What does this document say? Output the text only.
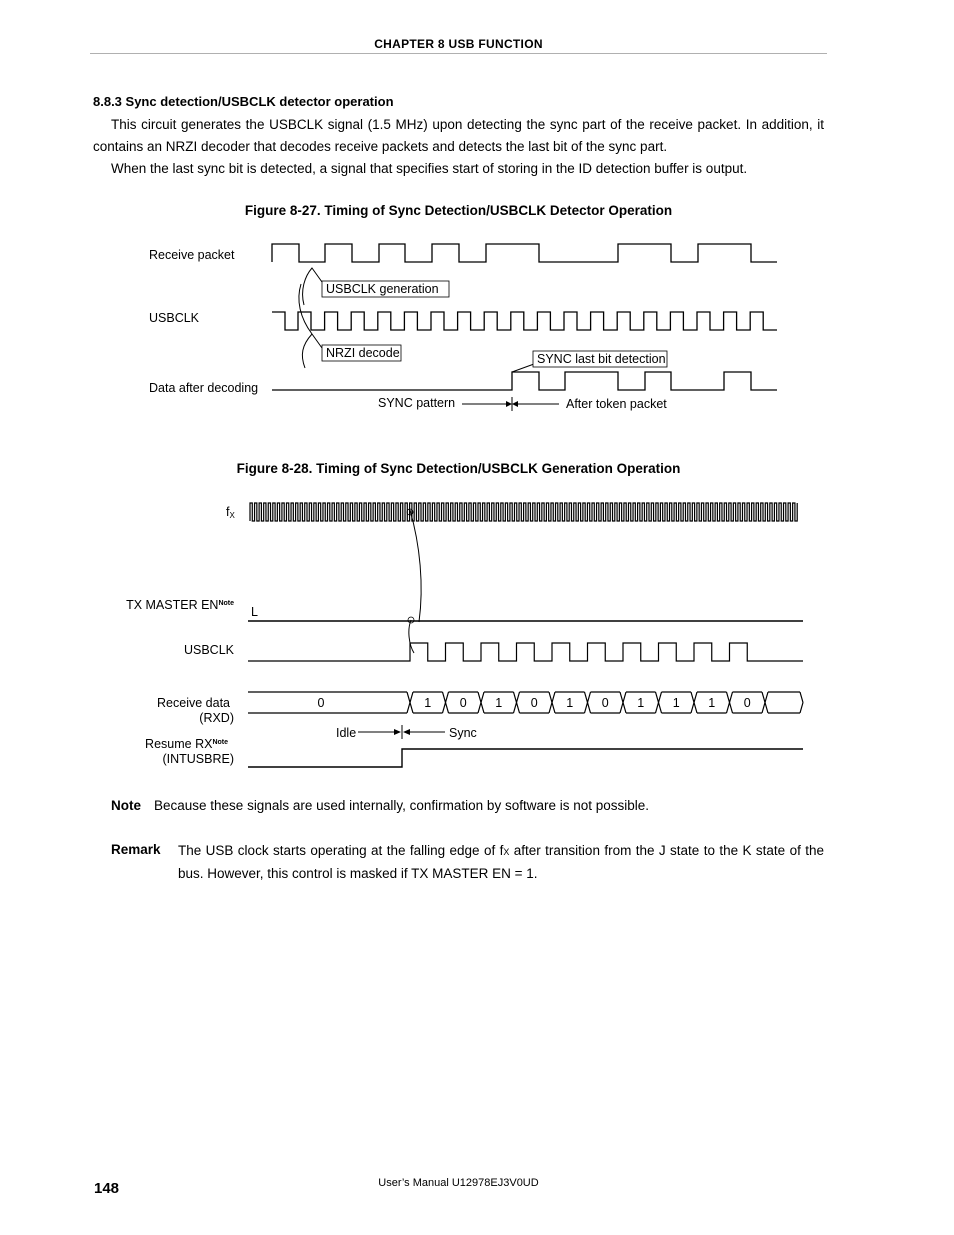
CHAPTER 8 USB FUNCTION
8.8.3 Sync detection/USBCLK detector operation
This circuit generates the USBCLK signal (1.5 MHz) upon detecting the sync part of the receive packet. In addition, it contains an NRZI decoder that decodes receive packets and detects the last bit of the sync part.
When the last sync bit is detected, a signal that specifies start of storing in the ID detection buffer is output.
Figure 8-27. Timing of Sync Detection/USBCLK Detector Operation
Receive packet
USBCLK
Data after decoding
USBCLK generation
NRZI decode	SYNC last bit detection
SYNC pattern	After token packet
Figure 8-28. Timing of Sync Detection/USBCLK Generation Operation
fX
TX MASTER $EN^{Note}$
L
USBCLK
Receive data
(RXD)
Resume $RX^{Note}$
(INTUSBRE)
Idle	Sync
0	1 0 1 0 1 0 1 1 1 0
Note Because these signals are used internally, confirmation by software is not possible.
Remark The USB clock starts operating at the falling edge of fX after transition from the J state to the K state of the bus. However, this control is masked if TX MASTER EN = 1.
148	User’s Manual U12978EJ3V0UD
